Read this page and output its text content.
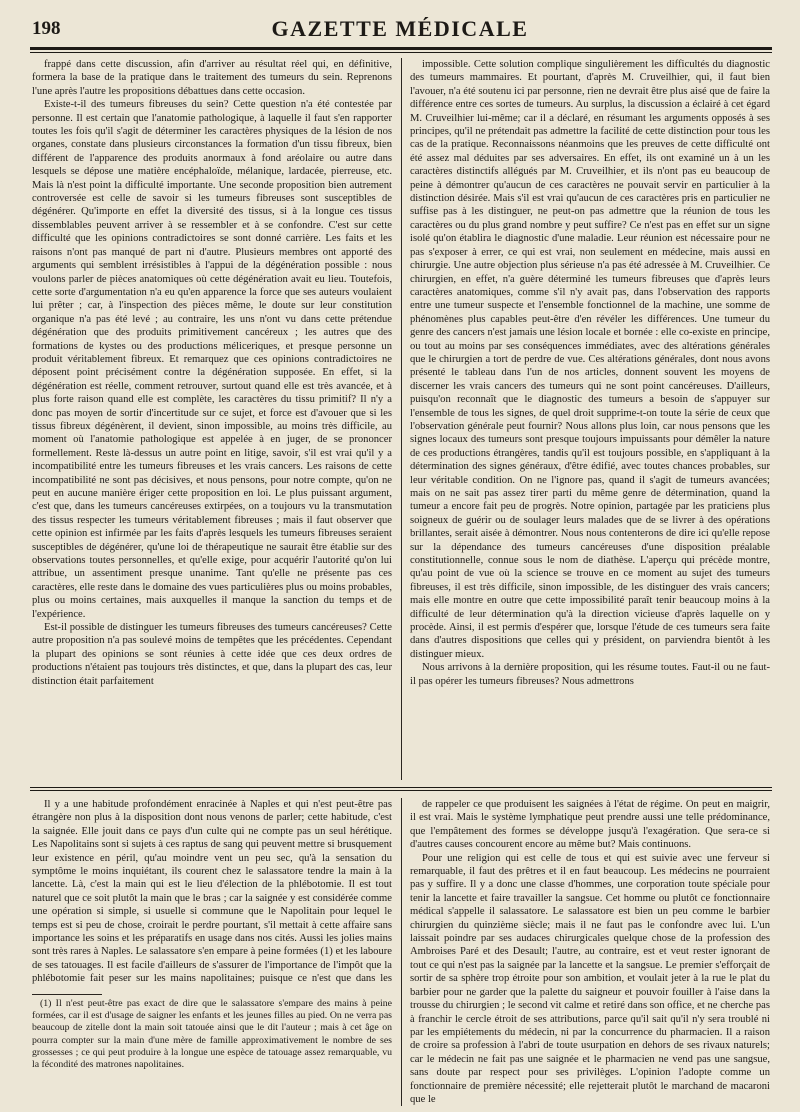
198	GAZETTE MÉDICALE

frappé dans cette discussion, afin d'arriver au résultat réel qui, en définitive, formera la base de la pratique dans le traitement des tumeurs du sein. Reprenons l'une après l'autre les propositions débattues dans cette occasion.

Existe-t-il des tumeurs fibreuses du sein? Cette question n'a été contestée par personne. Il est certain que l'anatomie pathologique, à laquelle il faut s'en rapporter toutes les fois qu'il s'agit de déterminer les caractères physiques de la lésion de nos organes, constate dans plusieurs circonstances la formation d'un tissu fibreux, bien différent de l'apparence des produits anormaux à fond aréolaire ou autre dans lesquels se dépose une matière encéphaloïde, mélanique, lardacée, pierreuse, etc. Mais là n'est point la difficulté importante. Une seconde proposition bien autrement controversée est celle de savoir si les tumeurs fibreuses sont susceptibles de dégénérer. Qu'importe en effet la diversité des tissus, si à la longue ces tissus dissemblables peuvent arriver à se ressembler et à se confondre. C'est sur cette difficulté que les opinions contradictoires se sont donné carrière. Les faits et les raisons n'ont pas manqué de part ni d'autre. Plusieurs membres ont apporté des arguments qui semblent irrésistibles à l'appui de la dégénération possible : nous voulons parler de pièces anatomiques où cette dégénération avait eu lieu. Toutefois, cette sorte d'argumentation n'a eu qu'en apparence la force que ses auteurs voulaient lui prêter ; car, à l'inspection des pièces même, le doute sur leur constitution organique n'a pas été levé ; au contraire, les uns n'ont vu dans cette prétendue dégénération que des produits primitivement cancéreux ; les autres que des formations de kystes ou des productions méliceriques, et presque personne un produit véritablement fibreux. Et remarquez que ces opinions contradictoires ne déposent point précisément contre la dégénération supposée. En effet, si la dégénération est réelle, comment retrouver, surtout quand elle est très avancée, et à plus forte raison quand elle est complète, les caractères du tissu primitif? Il n'y a donc pas moyen de sortir d'incertitude sur ce sujet, et force est d'avouer que si les tissus fibreux dégénèrent, il devient, sinon impossible, au moins très difficile, au moment où l'anatomie pathologique est appelée à en juger, de se prononcer formellement. Reste là-dessus un autre point en litige, savoir, s'il est vrai qu'il y a incompatibilité entre les tumeurs fibreuses et les vrais cancers. Les raisons de cette incompatibilité ne sont pas décisives, et nous pensons, pour notre compte, qu'on ne peut en aucune manière ériger cette proposition en loi. Le plus puissant argument, c'est que, dans les tumeurs cancéreuses extirpées, on a toujours vu la transmutation des tissus respecter les tumeurs véritablement fibreuses ; mais il faut observer que cette opinion est infirmée par les faits d'après lesquels les tumeurs fibreuses seraient susceptibles de dégénérer, qu'une loi de thérapeutique ne saurait être établie sur des observations toutes personnelles, et qu'elle exige, pour acquérir l'autorité qu'on lui attribue, un assentiment presque unanime. Tant qu'elle ne présente pas ces caractères, elle reste dans le domaine des vues particulières plus ou moins probables, plus ou moins certaines, mais auxquelles il manque la sanction du temps et de l'expérience.

Est-il possible de distinguer les tumeurs fibreuses des tumeurs cancéreuses? Cette autre proposition n'a pas soulevé moins de tempêtes que les précédentes. Cependant la plupart des opinions se sont réunies à cette idée que ces deux ordres de productions n'étaient pas toujours très distinctes, et que, dans la plupart des cas, leur distinction était parfaitement

impossible. Cette solution complique singulièrement les difficultés du diagnostic des tumeurs mammaires. Et pourtant, d'après M. Cruveilhier, qui, il faut bien l'avouer, n'a été soutenu ici par personne, rien ne devrait être plus aisé que de faire la différence entre ces sortes de tumeurs. Au surplus, la discussion a éclairé à cet égard M. Cruveilhier lui-même; car il a déclaré, en résumant les arguments opposés à ses principes, qu'il ne prétendait pas admettre la facilité de cette distinction pour tous les cas de la pratique. Reconnaissons néanmoins que les preuves de cette difficulté ont été assez mal déduites par ses adversaires. En effet, ils ont examiné un à un les caractères distinctifs allégués par M. Cruveilhier, et ils n'ont pas eu beaucoup de peine à démontrer qu'aucun de ces caractères ne pouvait servir en particulier à la distinction désirée. Mais s'il est vrai qu'aucun de ces caractères pris en particulier ne suffise pas à les distinguer, ne peut-on pas admettre que la réunion de tous les caractères ou du plus grand nombre y peut suffire? Ce n'est pas en effet sur un signe isolé qu'on établira le diagnostic d'une maladie. Leur réunion est nécessaire pour ne pas s'exposer à errer, ce qui est vrai, non seulement en médecine, mais aussi en chirurgie. Une autre objection plus sérieuse n'a pas été adressée à M. Cruveilhier. Ce chirurgien, en effet, n'a guère déterminé les tumeurs fibreuses que d'après leurs caractères anatomiques, comme s'il n'y avait pas, dans l'observation des rapports entre une tumeur suspecte et l'ensemble fonctionnel de la machine, une somme de phénomènes plus capables peut-être d'en révéler les différences. Une tumeur du genre des cancers n'est jamais une lésion locale et bornée : elle co-existe en principe, ou tout au moins par ses conséquences immédiates, avec des altérations générales que le chirurgien a tort de perdre de vue. Ces altérations générales, dont nous avons présenté le tableau dans l'un de nos articles, donnent souvent les moyens de discerner les vrais cancers des tumeurs qui ne sont point cancéreuses. D'ailleurs, puisqu'on reconnaît que le diagnostic des tumeurs a besoin de s'appuyer sur l'ensemble de tous les signes, de quel droit supprime-t-on toute la série de ceux que l'observation générale peut fournir? Nous allons plus loin, car nous pensons que les signes locaux des tumeurs sont presque toujours impuissants pour démêler la nature de ces productions étrangères, tandis qu'il est toujours possible, en s'appliquant à la détermination des signes généraux, d'être édifié, avec toutes chances probables, sur leur véritable condition. On ne l'ignore pas, quand il s'agit de tumeurs avancées; mais on ne sait pas assez tirer parti du même genre de détermination, quand la tumeur a encore fait peu de progrès. Notre opinion, partagée par les praticiens plus soigneux de guérir ou de soulager leurs malades que de se livrer à des opérations brillantes, serait aisée à démontrer. Nous nous contenterons de dire ici qu'elle repose sur la dépendance des tumeurs cancéreuses d'une disposition préalable constitutionnelle, connue sous le nom de diathèse. L'aperçu qui précède montre, qu'au point de vue où la science se trouve en ce moment au sujet des tumeurs fibreuses, il est très difficile, sinon impossible, de les distinguer des vrais cancers; mais elle montre en outre que cette impossibilité paraît tenir beaucoup moins à la difficulté de leur détermination qu'à la direction vicieuse d'après laquelle on y procède. Ainsi, il est permis d'espérer que, lorsque l'étude de ces tumeurs sera faite dans d'autres dispositions que celles qui y président, on parviendra bientôt à les distinguer mieux.

Nous arrivons à la dernière proposition, qui les résume toutes. Faut-il ou ne faut-il pas opérer les tumeurs fibreuses? Nous admettrons

Il y a une habitude profondément enracinée à Naples et qui n'est peut-être pas étrangère non plus à la disposition dont nous venons de parler; cette habitude, c'est la saignée. Elle jouit dans ce pays d'un culte qui ne compte pas un seul hérétique. Les Napolitains sont si sujets à ces raptus de sang qui peuvent mettre si brusquement leur existence en péril, qu'au moindre vent un peu sec, qu'à la sensation du symptôme le moins inquiétant, ils courent chez le salassatore tendre la main à la lancette. Là, c'est la main qui est le lieu d'élection de la phlébotomie. Il est tout naturel que ce soit plutôt la main que le bras ; car la saignée y est considérée comme une opération si simple, si usuelle si commune que le Napolitain pour lequel le temps est si peu de chose, croirait le perdre pourtant, s'il mettait à cette affaire sans importance les soins et les préparatifs en usage dans nos cités. Aussi les jolies mains sont très rares à Naples. Le salassatore s'en empare à peine formées (1) et les laboure de ses tatouages. Il est facile d'ailleurs de s'assurer de l'importance de l'impôt que la phlébotomie fait peser sur les mains napolitaines; puisque ce n'est que dans les

(1) Il n'est peut-être pas exact de dire que le salassatore s'empare des mains à peine formées, car il est d'usage de saigner les enfants et les jeunes filles au pied. On ne verra pas beaucoup de zitelle dont la main soit tatouée ainsi que le dit l'auteur ; mais à cet âge on pourra compter sur la main d'une mère de famille approximativement le nombre de ses grossesses ; ce qui peut produire à la longue une espèce de tatouage assez remarquable, vu la fécondité des matrones napolitaines.

de rappeler ce que produisent les saignées à l'état de régime. On peut en maigrir, il est vrai. Mais le système lymphatique peut prendre aussi une telle prédominance, que l'empâtement des formes se développe jusqu'à l'exagération. Que sera-ce si d'autres causes concourent encore au même but? Mais continuons.

Pour une religion qui est celle de tous et qui est suivie avec une ferveur si remarquable, il faut des prêtres et il en faut beaucoup. Les médecins ne pourraient pas y suffire. Il y a donc une classe d'hommes, une corporation toute spéciale pour tenir la lancette et faire travailler la sangsue. Cet homme ou plutôt ce fonctionnaire médical s'appelle il salassatore. Le salassatore est bien un peu comme le barbier chirurgien du quinzième siècle; mais il ne faut pas le confondre avec lui. L'un laissait poindre par ses audaces chirurgicales quelque chose de la profession des Ambroises Paré et des Desault; l'autre, au contraire, est et veut rester ignorant de tout ce qui n'est pas la saignée par la lancette et la sangsue. Le premier s'efforçait de sortir de sa sphère trop étroite pour son ambition, et voulait jeter à la rue le plat du barbier pour ne garder que la palette du saigneur et pouvoir fouiller à l'aise dans la trousse du chirurgien ; le second vit calme et retiré dans son office, et ne cherche pas à franchir le cercle étroit de ses attributions, parce qu'il sait qu'il n'y sera troublé ni par les empiétements du médecin, ni par la concurrence du pharmacien. Il a raison de croire sa profession à l'abri de toute usurpation en dehors de ses rivaux naturels; car le médecin ne fait pas une saignée et le pharmacien ne vend pas une sangsue, sans doute par respect pour ses privilèges. L'opinion l'adopte comme un fonctionnaire de première nécessité; elle rejetterait plutôt le marchand de macaroni que le
